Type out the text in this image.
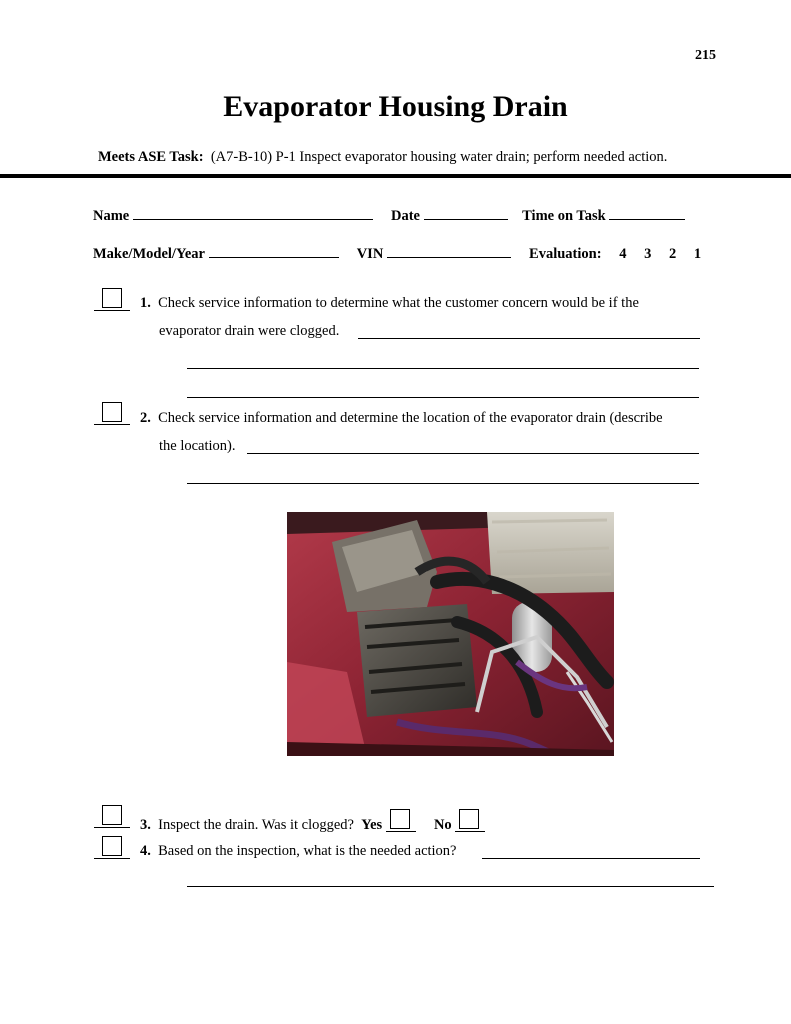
215
Evaporator Housing Drain
Meets ASE Task: (A7-B-10) P-1 Inspect evaporator housing water drain; perform needed action.
Name	Date	Time on Task
Make/Model/Year	VIN	Evaluation: 4 3 2 1
1. Check service information to determine what the customer concern would be if the
evaporator drain were clogged.
2. Check service information and determine the location of the evaporator drain (describe
the location).
3. Inspect the drain. Was it clogged? Yes	No
4. Based on the inspection, what is the needed action?
